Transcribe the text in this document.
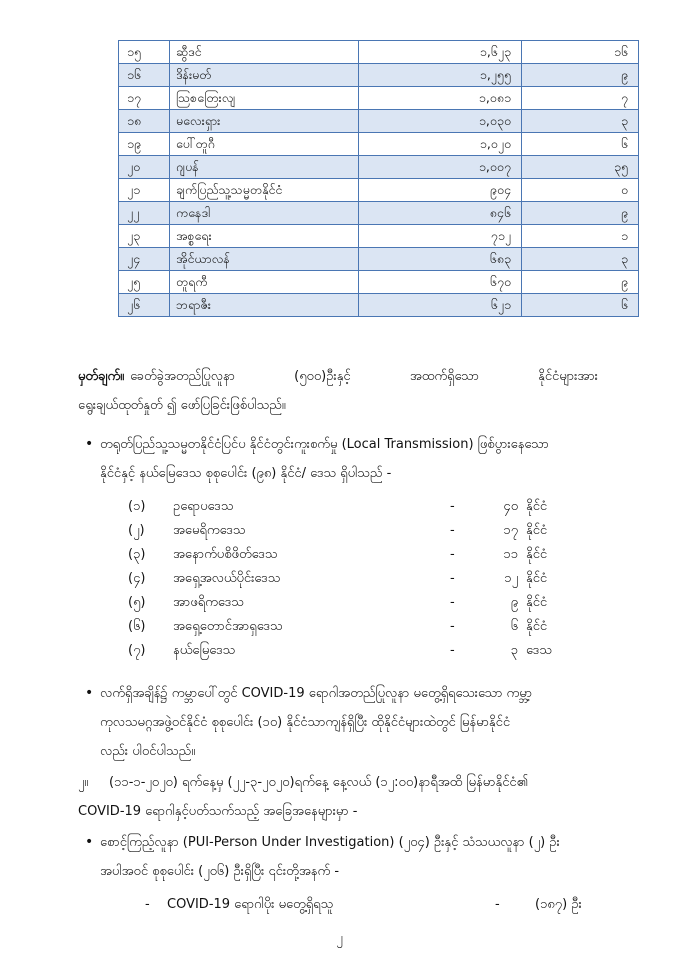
၁၅	ဆွီဒင်	၁,၆၂၃	၁၆
၁၆	ဒိန်းမတ်	၁,၂၅၅	၉
၁၇	ဩစတြေးလျ	၁,၀၈၁	၇
၁၈	မလေးရှား	၁,၀၃၀	၃
၁၉	ပေါ်တူဂီ	၁,၀၂၀	၆
၂၀	ဂျပန်	၁,၀၀၇	၃၅
၂၁	ချက်ပြည်သူ့သမ္မတနိုင်ငံ	၉၀၄	၀
၂၂	ကနေဒါ	၈၄၆	၉
၂၃	အစ္စရေး	၇၁၂	၁
၂၄	အိုင်ယာလန်	၆၈၃	၃
၂၅	တူရကီ	၆၇၀	၉
၂၆	ဘရာဇီး	၆၂၁	၆
မှတ်ချက်။ ခေတ်ခွဲအတည်ပြုလူနာ	(၅၀၀)ဦးနှင့်	အထက်ရှိသော	နိုင်ငံများအား
ရွေးချယ်ထုတ်နှုတ် ၍ ဖော်ပြခြင်းဖြစ်ပါသည်။
• တရုတ်ပြည်သူ့သမ္မတနိုင်ငံပြင်ပ နိုင်ငံတွင်းကူးစက်မှု (Local Transmission) ဖြစ်ပွားနေသော
နိုင်ငံနှင့် နယ်မြေဒေသ စုစုပေါင်း (၉၈) နိုင်ငံ/ ဒေသ ရှိပါသည် -
(၁) ဥရောပဒေသ	-	၄၀ နိုင်ငံ
(၂) အမေရိကဒေသ	-	၁၇ နိုင်ငံ
(၃) အနောက်ပစိဖိတ်ဒေသ	-	၁၁ နိုင်ငံ
(၄) အရှေ့အလယ်ပိုင်းဒေသ	-	၁၂ နိုင်ငံ
(၅) အာဖရိကဒေသ	-	၉ နိုင်ငံ
(၆) အရှေ့တောင်အာရှဒေသ	-	၆ နိုင်ငံ
(၇) နယ်မြေဒေသ	-	၃ ဒေသ
• လက်ရှိအချိန်၌ ကမ္ဘာပေါ်တွင် COVID-19 ရောဂါအတည်ပြုလူနာ မတွေ့ရှိရသေးသော ကမ္ဘာ့
ကုလသမဂ္ဂအဖွဲ့ဝင်နိုင်ငံ စုစုပေါင်း (၁၀) နိုင်ငံသာကျန်ရှိပြီး ထိုနိုင်ငံများထဲတွင် မြန်မာနိုင်ငံ
လည်း ပါဝင်ပါသည်။
၂။ (၁၁-၁-၂၀၂၀) ရက်နေ့မှ (၂၂-၃-၂၀၂၀)ရက်နေ့ နေ့လယ် (၁၂:၀၀)နာရီအထိ မြန်မာနိုင်ငံ၏
COVID-19 ရောဂါနှင့်ပတ်သက်သည့် အခြေအနေများမှာ -
• စောင့်ကြည့်လူနာ (PUI-Person Under Investigation) (၂၀၄) ဦးနှင့် သံသယလူနာ (၂) ဦး
အပါအဝင် စုစုပေါင်း (၂၀၆) ဦးရှိပြီး ၎င်းတို့အနက် -
- COVID-19 ရောဂါပိုး မတွေ့ရှိရသူ	-	(၁၈၇) ဦး
၂
